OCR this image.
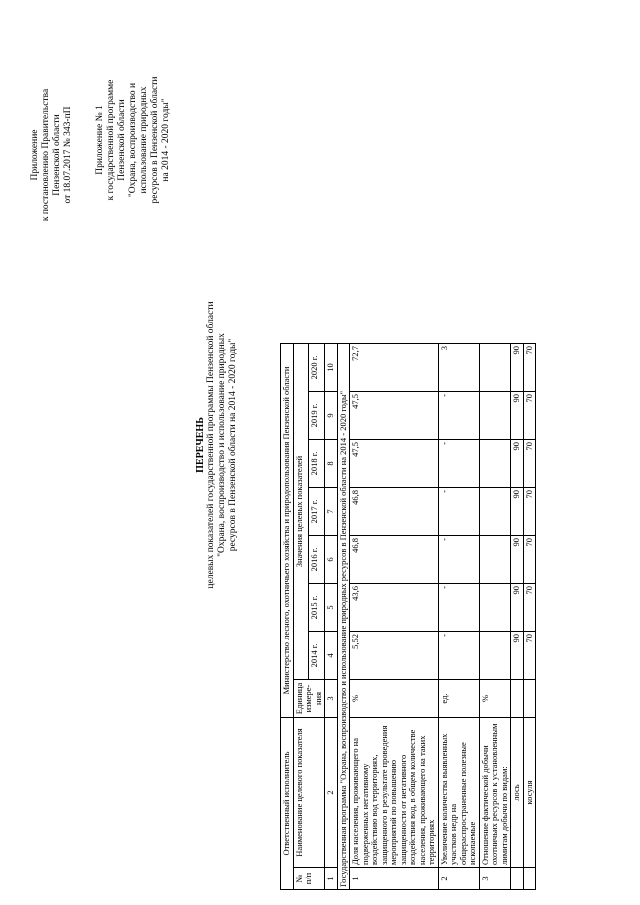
Приложение к постановлению Правительства Пензенской области от 18.07.2017 № 343-пП Приложение № 1 к государственной программе Пензенской области "Охрана, воспроизводство и использование природных ресурсов в Пензенской области на 2014 - 2020 годы"
ПЕРЕЧЕНЬ целевых показателей государственной программы Пензенской области "Охрана, воспроизводство и использование природных ресурсов в Пензенской области на 2014 - 2020 годы"
Ответственный исполнитель		Министерство лесного, охотничьего хозяйства и природопользования Пензенской области							
№ п/п	Наименование целевого показателя	Единица измере-ния	Значения целевых показателей						
			2014 г.	2015 г.	2016 г.	2017 г.	2018 г.	2019 г.	2020 г.
1	2	3	4	5	6	7	8	9	10
Государственная программа "Охрана, воспроизводство и использование природных ресурсов в Пензенской области на 2014 - 2020 годы"									
1	Доля населения, проживающего на подверженных негативному воздействию вод территориях, защищенного в результате проведения мероприятий по повышению защищенности от негативного воздействия вод, в общем количестве населения, проживающего на таких территориях	%	5,52	43,6	46,8	46,8	47,5	47,5	72,7
2	Увеличение количества выявленных участков недр на общераспространенные полезные ископаемые	ед.	-	-	-	-	-	-	3
3	Отношение фактической добычи охотничьих ресурсов к установленным лимитам добычи по видам:	%							
	лось		90	90	90	90	90	90	90
	косуля		70	70	70	70	70	70	70
